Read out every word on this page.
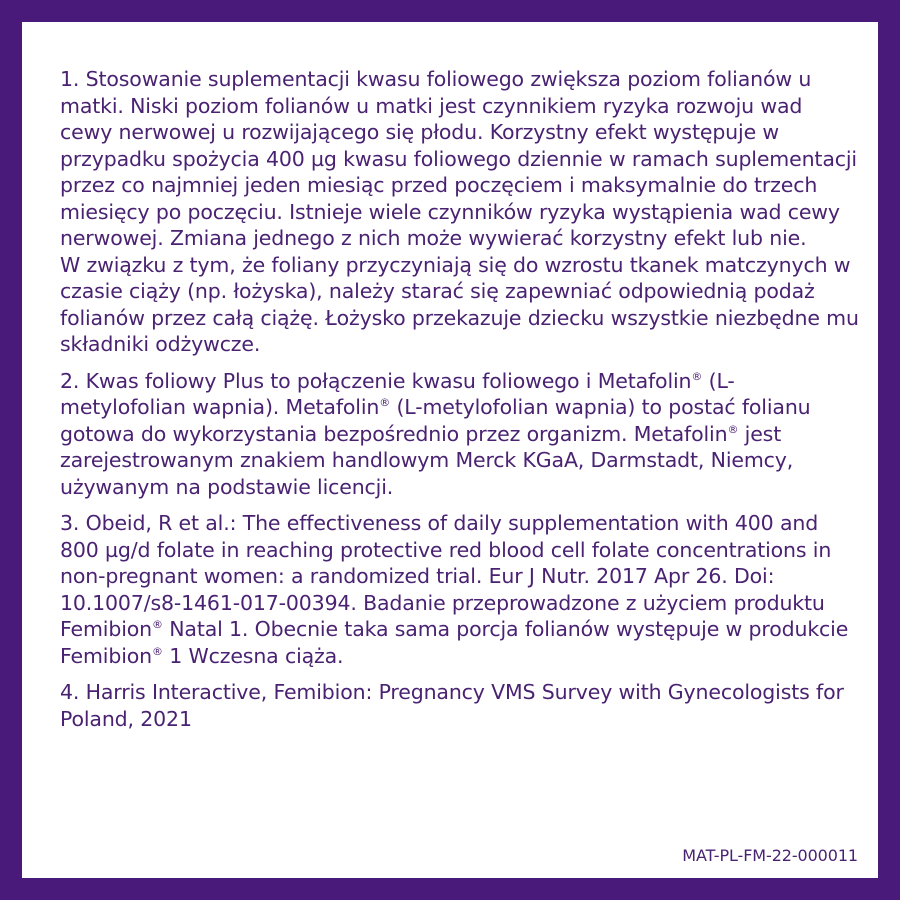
1. Stosowanie suplementacji kwasu foliowego zwiększa poziom folianów u matki. Niski poziom folianów u matki jest czynnikiem ryzyka rozwoju wad cewy nerwowej u rozwijającego się płodu. Korzystny efekt występuje w przypadku spożycia 400 µg kwasu foliowego dziennie w ramach suplementacji przez co najmniej jeden miesiąc przed poczęciem i maksymalnie do trzech miesięcy po poczęciu. Istnieje wiele czynników ryzyka wystąpienia wad cewy nerwowej. Zmiana jednego z nich może wywierać korzystny efekt lub nie.

W związku z tym, że foliany przyczyniają się do wzrostu tkanek matczynych w czasie ciąży (np. łożyska), należy starać się zapewniać odpowiednią podaż folianów przez całą ciążę. Łożysko przekazuje dziecku wszystkie niezbędne mu składniki odżywcze.

2. Kwas foliowy Plus to połączenie kwasu foliowego i Metafolin® (L-metylofolian wapnia). Metafolin® (L-metylofolian wapnia) to postać folianu gotowa do wykorzystania bezpośrednio przez organizm. Metafolin® jest zarejestrowanym znakiem handlowym Merck KGaA, Darmstadt, Niemcy, używanym na podstawie licencji.

3. Obeid, R et al.: The effectiveness of daily supplementation with 400 and 800 µg/d folate in reaching protective red blood cell folate concentrations in non-pregnant women: a randomized trial. Eur J Nutr. 2017 Apr 26. Doi: 10.1007/s8-1461-017-00394. Badanie przeprowadzone z użyciem produktu Femibion® Natal 1. Obecnie taka sama porcja folianów występuje w produkcie Femibion® 1 Wczesna ciąża.

4. Harris Interactive, Femibion: Pregnancy VMS Survey with Gynecologists for Poland, 2021

MAT-PL-FM-22-000011
